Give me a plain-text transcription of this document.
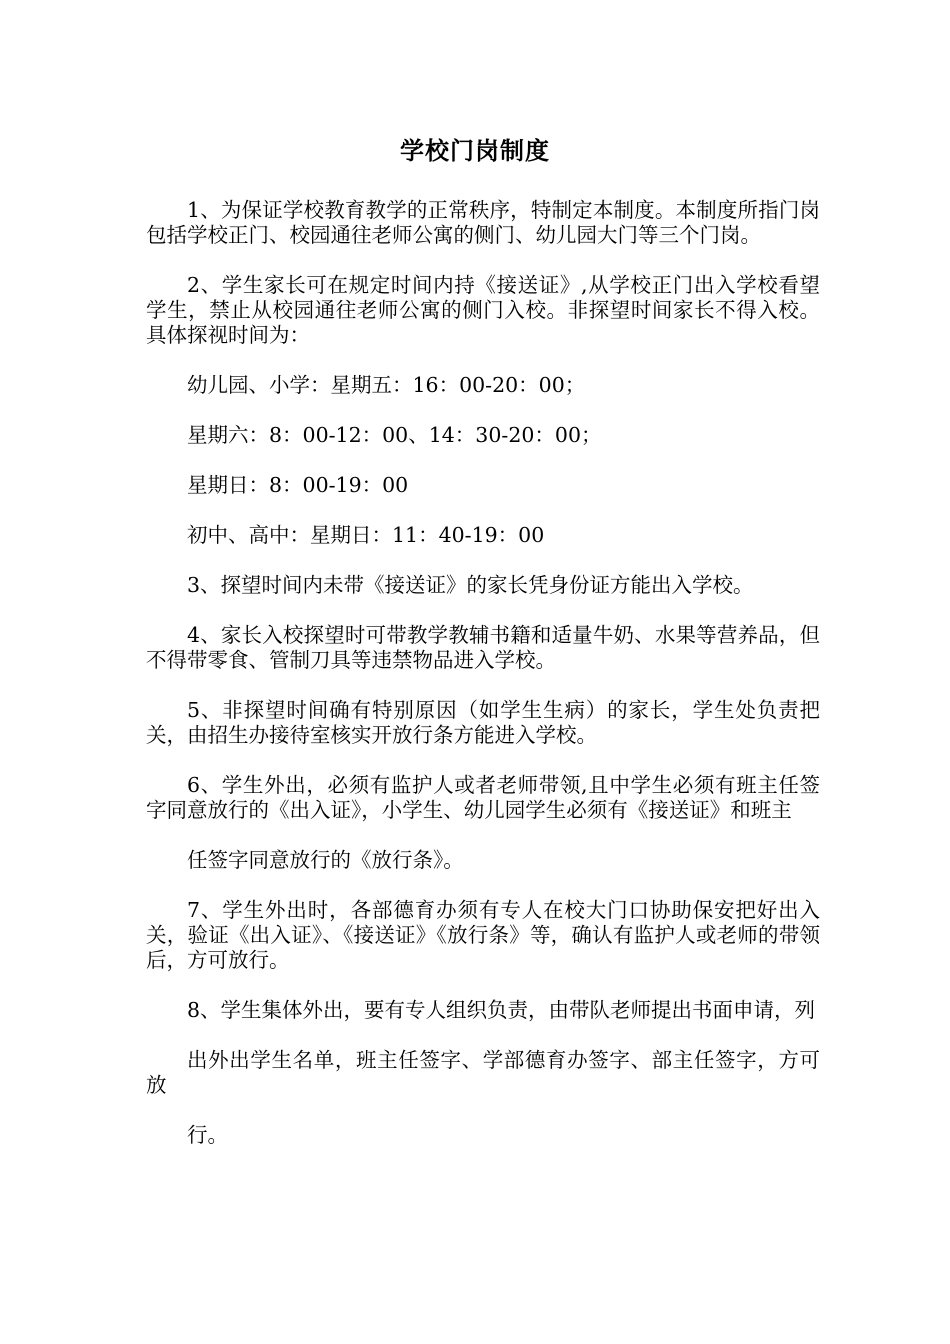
学校门岗制度

1、为保证学校教育教学的正常秩序，特制定本制度。本制度所指门岗包括学校正门、校园通往老师公寓的侧门、幼儿园大门等三个门岗。

2、学生家长可在规定时间内持《接送证》,从学校正门出入学校看望学生，禁止从校园通往老师公寓的侧门入校。非探望时间家长不得入校。具体探视时间为：

幼儿园、小学：星期五：16：00-20：00；

星期六：8：00-12：00、14：30-20：00；

星期日：8：00-19：00

初中、高中：星期日：11：40-19：00

3、探望时间内未带《接送证》的家长凭身份证方能出入学校。

4、家长入校探望时可带教学教辅书籍和适量牛奶、水果等营养品，但不得带零食、管制刀具等违禁物品进入学校。

5、非探望时间确有特别原因（如学生生病）的家长，学生处负责把关，由招生办接待室核实开放行条方能进入学校。

6、学生外出，必须有监护人或者老师带领,且中学生必须有班主任签字同意放行的《出入证》，小学生、幼儿园学生必须有《接送证》和班主

任签字同意放行的《放行条》。

7、学生外出时，各部德育办须有专人在校大门口协助保安把好出入关，验证《出入证》、《接送证》《放行条》等，确认有监护人或老师的带领后，方可放行。

8、学生集体外出，要有专人组织负责，由带队老师提出书面申请，列

出外出学生名单，班主任签字、学部德育办签字、部主任签字，方可放

行。
